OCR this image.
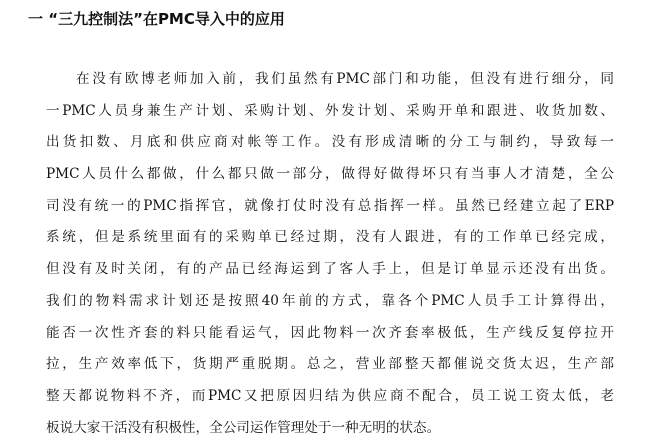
一 “三九控制法”在PMC导入中的应用
在没有欧博老师加入前，我们虽然有PMC部门和功能，但没有进行细分，同
一PMC人员身兼生产计划、采购计划、外发计划、采购开单和跟进、收货加数、
出货扣数、月底和供应商对帐等工作。没有形成清晰的分工与制约，导致每一
PMC人员什么都做，什么都只做一部分，做得好做得坏只有当事人才清楚，全公
司没有统一的PMC指挥官，就像打仗时没有总指挥一样。虽然已经建立起了ERP
系统，但是系统里面有的采购单已经过期，没有人跟进，有的工作单已经完成，
但没有及时关闭，有的产品已经海运到了客人手上，但是订单显示还没有出货。
我们的物料需求计划还是按照40年前的方式，靠各个PMC人员手工计算得出，
能否一次性齐套的料只能看运气，因此物料一次齐套率极低，生产线反复停拉开
拉，生产效率低下，货期严重脱期。总之，营业部整天都催说交货太迟，生产部
整天都说物料不齐，而PMC又把原因归结为供应商不配合，员工说工资太低，老
板说大家干活没有积极性，全公司运作管理处于一种无明的状态。
